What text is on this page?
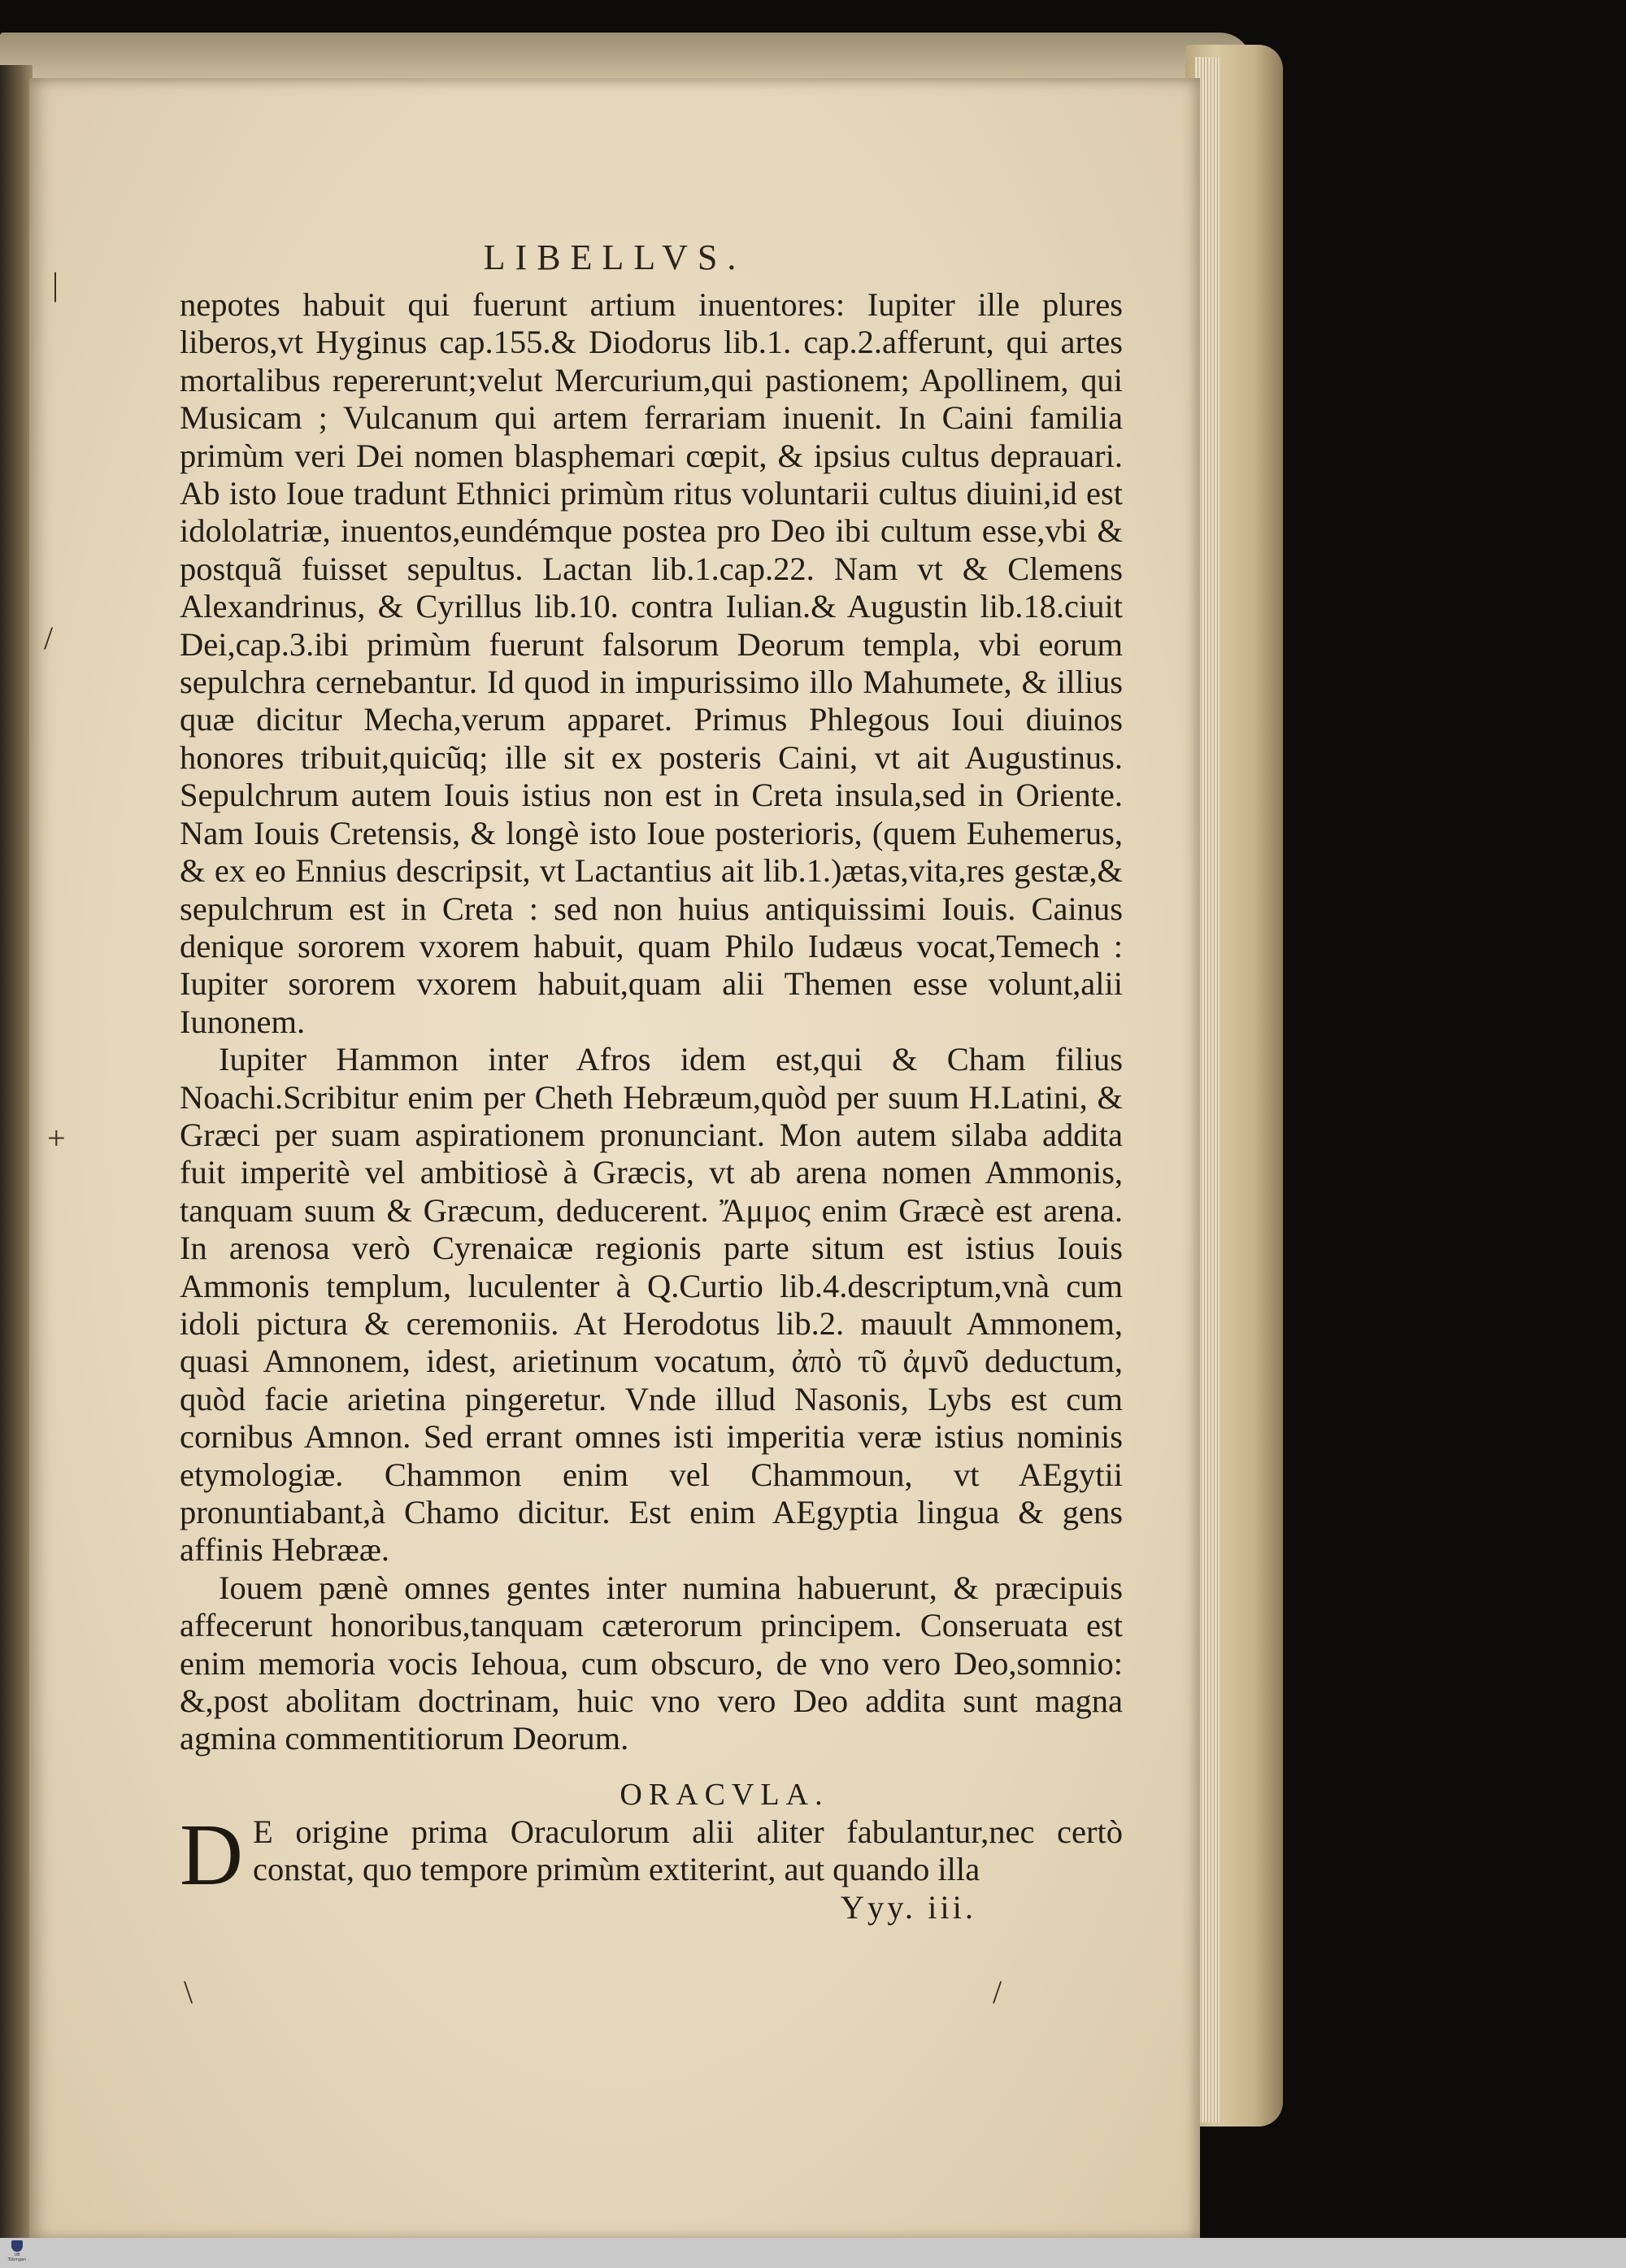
LIBELLVS.

nepotes habuit qui fuerunt artium inuentores: Iupiter ille plures liberos,vt Hyginus cap.155.& Diodorus lib.1. cap.2.afferunt, qui artes mortalibus repererunt;velut Mercurium,qui pastionem; Apollinem, qui Musicam ; Vulcanum qui artem ferrariam inuenit. In Caini familia primùm veri Dei nomen blasphemari cœpit, & ipsius cultus deprauari. Ab isto Ioue tradunt Ethnici primùm ritus voluntarii cultus diuini,id est idololatriæ, inuentos,eundémque postea pro Deo ibi cultum esse,vbi & postquã fuisset sepultus. Lactan lib.1.cap.22. Nam vt & Clemens Alexandrinus, & Cyrillus lib.10. contra Iulian.& Augustin lib.18.ciuit Dei,cap.3.ibi primùm fuerunt falsorum Deorum templa, vbi eorum sepulchra cernebantur. Id quod in impurissimo illo Mahumete, & illius quæ dicitur Mecha,verum apparet. Primus Phlegous Ioui diuinos honores tribuit,quicũq; ille sit ex posteris Caini, vt ait Augustinus. Sepulchrum autem Iouis istius non est in Creta insula,sed in Oriente. Nam Iouis Cretensis, & longè isto Ioue posterioris, (quem Euhemerus, & ex eo Ennius descripsit, vt Lactantius ait lib.1.)ætas,vita,res gestæ,& sepulchrum est in Creta : sed non huius antiquissimi Iouis. Cainus denique sororem vxorem habuit, quam Philo Iudæus vocat,Temech : Iupiter sororem vxorem habuit,quam alii Themen esse volunt,alii Iunonem.

Iupiter Hammon inter Afros idem est,qui & Cham filius Noachi.Scribitur enim per Cheth Hebræum,quòd per suum H.Latini, & Græci per suam aspirationem pronunciant. Mon autem silaba addita fuit imperitè vel ambitiosè à Græcis, vt ab arena nomen Ammonis, tanquam suum & Græcum, deducerent. Ἄμμος enim Græcè est arena. In arenosa verò Cyrenaicæ regionis parte situm est istius Iouis Ammonis templum, luculenter à Q.Curtio lib.4.descriptum,vnà cum idoli pictura & ceremoniis. At Herodotus lib.2. mauult Ammonem, quasi Amnonem, idest, arietinum vocatum, ἀπὸ τῦ ἀμνῦ deductum, quòd facie arietina pingeretur. Vnde illud Nasonis, Lybs est cum cornibus Amnon. Sed errant omnes isti imperitia veræ istius nominis etymologiæ. Chammon enim vel Chammoun, vt AEgytii pronuntiabant,à Chamo dicitur. Est enim AEgyptia lingua & gens affinis Hebrææ.

Iouem pænè omnes gentes inter numina habuerunt, & præcipuis affecerunt honoribus,tanquam cæterorum principem. Conseruata est enim memoria vocis Iehoua, cum obscuro, de vno vero Deo,somnio: &,post abolitam doctrinam, huic vno vero Deo addita sunt magna agmina commentitiorum Deorum.

ORACVLA.
D E origine prima Oraculorum alii aliter fabulantur,nec certò constat, quo tempore primùm extiterint, aut quando illa

Yyy. iii.
|
/
+
\	/
UB Tübingen
